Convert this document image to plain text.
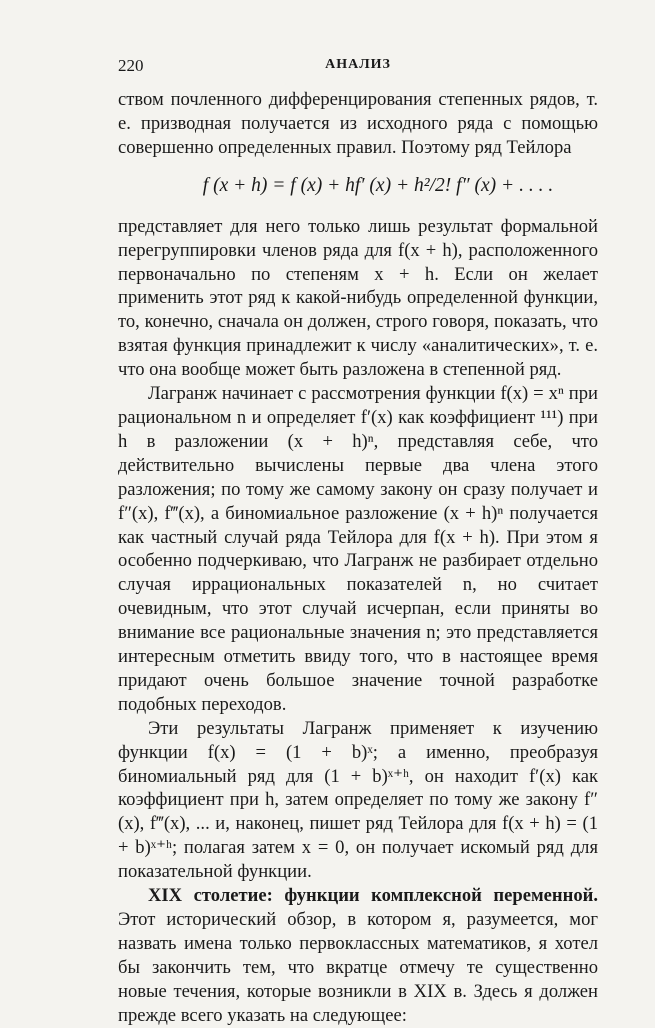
220	АНАЛИЗ

ством почленного дифференцирования степенных рядов, т. е. призводная получается из исходного ряда с помощью совершенно определенных правил. Поэтому ряд Тейлора

f (x + h) = f (x) + hf′ (x) + h²/2! f″ (x) + . . . .

представляет для него только лишь результат формальной перегруппировки членов ряда для f(x + h), расположенного первоначально по степеням x + h. Если он желает применить этот ряд к какой-нибудь определенной функции, то, конечно, сначала он должен, строго говоря, показать, что взятая функция принадлежит к числу «аналитических», т. е. что она вообще может быть разложена в степенной ряд.

Лагранж начинает с рассмотрения функции f(x) = xⁿ при рациональном n и определяет f′(x) как коэффициент ¹¹¹) при h в разложении (x + h)ⁿ, представляя себе, что действительно вычислены первые два члена этого разложения; по тому же самому закону он сразу получает и f″(x), f‴(x), а биномиальное разложение (x + h)ⁿ получается как частный случай ряда Тейлора для f(x + h). При этом я особенно подчеркиваю, что Лагранж не разбирает отдельно случая иррациональных показателей n, но считает очевидным, что этот случай исчерпан, если приняты во внимание все рациональные значения n; это представляется интересным отметить ввиду того, что в настоящее время придают очень большое значение точной разработке подобных переходов.

Эти результаты Лагранж применяет к изучению функции f(x) = (1 + b)ˣ; а именно, преобразуя биномиальный ряд для (1 + b)ˣ⁺ʰ, он находит f′(x) как коэффициент при h, затем определяет по тому же закону f″(x), f‴(x), ... и, наконец, пишет ряд Тейлора для f(x + h) = (1 + b)ˣ⁺ʰ; полагая затем x = 0, он получает искомый ряд для показательной функции.

XIX столетие: функции комплексной переменной. Этот исторический обзор, в котором я, разумеется, мог назвать имена только первоклассных математиков, я хотел бы закончить тем, что вкратце отмечу те существенно новые течения, которые возникли в XIX в. Здесь я должен прежде всего указать на следующее:
